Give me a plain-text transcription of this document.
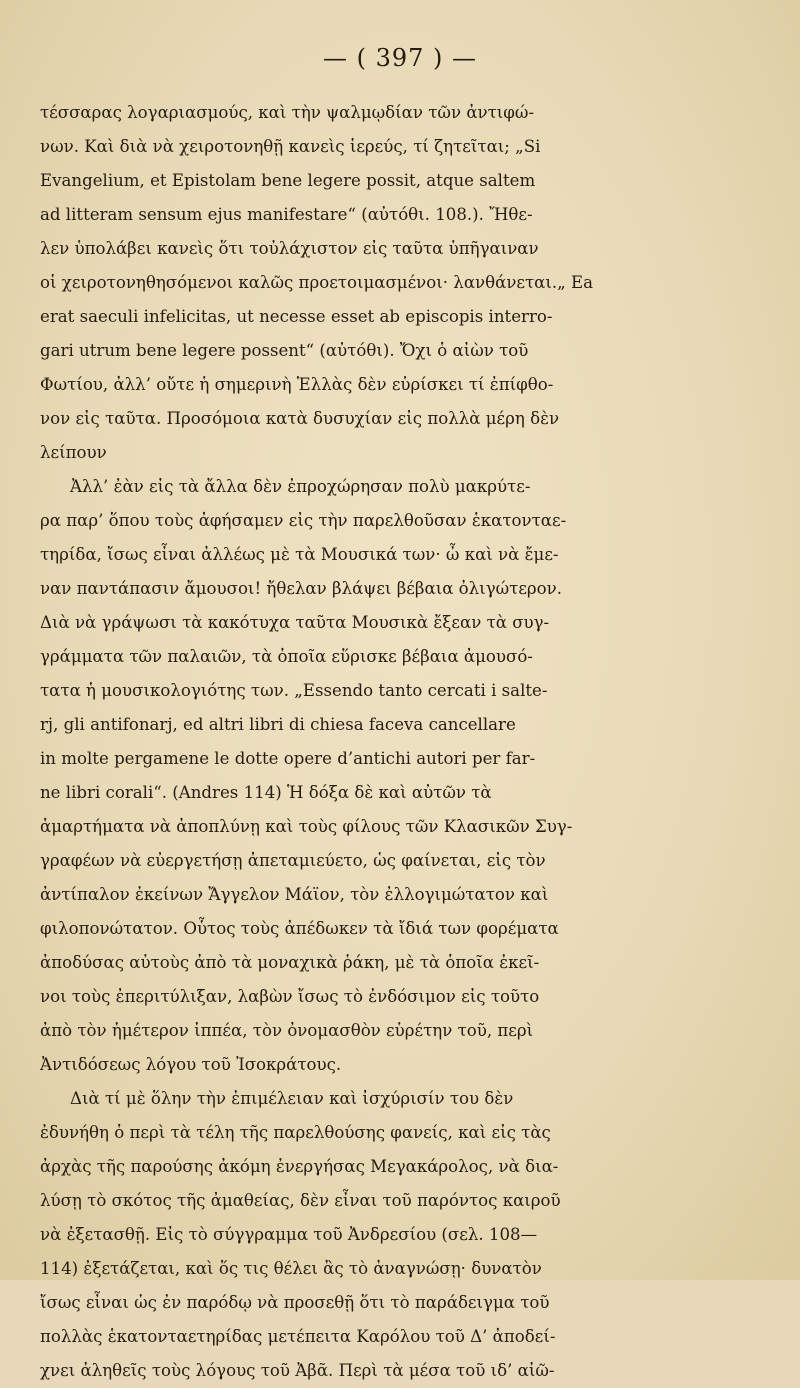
— ( 397 ) —
τέσσαρας λογαριασμούς, καὶ τὴν ψαλμῳδίαν τῶν ἀντιφώ-
νων. Καὶ διὰ νὰ χειροτονηθῇ κανεὶς ἱερεύς, τί ζητεῖται; „Si
Evangelium, et Epistolam bene legere possit, atque saltem
ad litteram sensum ejus manifestare“ (αὐτόθι. 108.). Ἤθε-
λεν ὑπολάβει κανεὶς ὅτι τοὐλάχιστον εἰς ταῦτα ὑπῆγαιναν
οἱ χειροτονηθησόμενοι καλῶς προετοιμασμένοι· λανθάνεται.„ Ea
erat saeculi infelicitas, ut necesse esset ab episcopis interro-
gari utrum bene legere possent“ (αὐτόθι). Ὄχι ὁ αἰὼν τοῦ
Φωτίου, ἀλλ’ οὔτε ἡ σημερινὴ Ἑλλὰς δὲν εὑρίσκει τί ἐπίφθο-
νον εἰς ταῦτα. Προσόμοια κατὰ δυσυχίαν εἰς πολλὰ μέρη δὲν
λείπουν
Ἀλλ’ ἐὰν εἰς τὰ ἄλλα δὲν ἐπροχώρησαν πολὺ μακρύτε-
ρα παρ’ ὅπου τοὺς ἀφήσαμεν εἰς τὴν παρελθοῦσαν ἑκατονταε-
τηρίδα, ἴσως εἶναι ἀλλέως μὲ τὰ Μουσικά των· ὦ καὶ νὰ ἔμε-
ναν παντάπασιν ἄμουσοι! ἤθελαν βλάψει βέβαια ὀλιγώτερον.
Διὰ νὰ γράψωσι τὰ κακότυχα ταῦτα Μουσικὰ ἔξεαν τὰ συγ-
γράμματα τῶν παλαιῶν, τὰ ὁποῖα εὕρισκε βέβαια ἀμουσό-
τατα ἡ μουσικολογιότης των. „Essendo tanto cercati i salte-
rj, gli antifonarj, ed altri libri di chiesa faceva cancellare
in molte pergamene le dotte opere d’antichi autori per far-
ne libri corali“. (Andres 114) Ἡ δόξα δὲ καὶ αὐτῶν τὰ
ἁμαρτήματα νὰ ἀποπλύνῃ καὶ τοὺς φίλους τῶν Κλασικῶν Συγ-
γραφέων νὰ εὐεργετήσῃ ἀπεταμιεύετο, ὡς φαίνεται, εἰς τὸν
ἀντίπαλον ἐκείνων Ἄγγελον Μάϊον, τὸν ἐλλογιμώτατον καὶ
φιλοπονώτατον. Οὗτος τοὺς ἀπέδωκεν τὰ ἴδιά των φορέματα
ἀποδύσας αὐτοὺς ἀπὸ τὰ μοναχικὰ ῥάκη, μὲ τὰ ὁποῖα ἐκεῖ-
νοι τοὺς ἐπεριτύλιξαν, λαβὼν ἴσως τὸ ἐνδόσιμον εἰς τοῦτο
ἀπὸ τὸν ἡμέτερον ἱππέα, τὸν ὀνομασθὸν εὑρέτην τοῦ, περὶ
Ἀντιδόσεως λόγου τοῦ Ἰσοκράτους.
Διὰ τί μὲ ὅλην τὴν ἐπιμέλειαν καὶ ἰσχύρισίν του δὲν
ἐδυνήθη ὁ περὶ τὰ τέλη τῆς παρελθούσης φανείς, καὶ εἰς τὰς
ἀρχὰς τῆς παρούσης ἀκόμη ἐνεργήσας Μεγακάρολος, νὰ δια-
λύσῃ τὸ σκότος τῆς ἀμαθείας, δὲν εἶναι τοῦ παρόντος καιροῦ
νὰ ἐξετασθῇ. Εἰς τὸ σύγγραμμα τοῦ Ἀνδρεσίου (σελ. 108—
114) ἐξετάζεται, καὶ ὅς τις θέλει ἂς τὸ ἀναγνώσῃ· δυνατὸν
ἴσως εἶναι ὡς ἐν παρόδῳ νὰ προσεθῇ ὅτι τὸ παράδειγμα τοῦ
πολλὰς ἑκατονταετηρίδας μετέπειτα Καρόλου τοῦ Δ’ ἀποδεί-
χνει ἀληθεῖς τοὺς λόγους τοῦ Ἀβᾶ. Περὶ τὰ μέσα τοῦ ιδ’ αἰῶ-
